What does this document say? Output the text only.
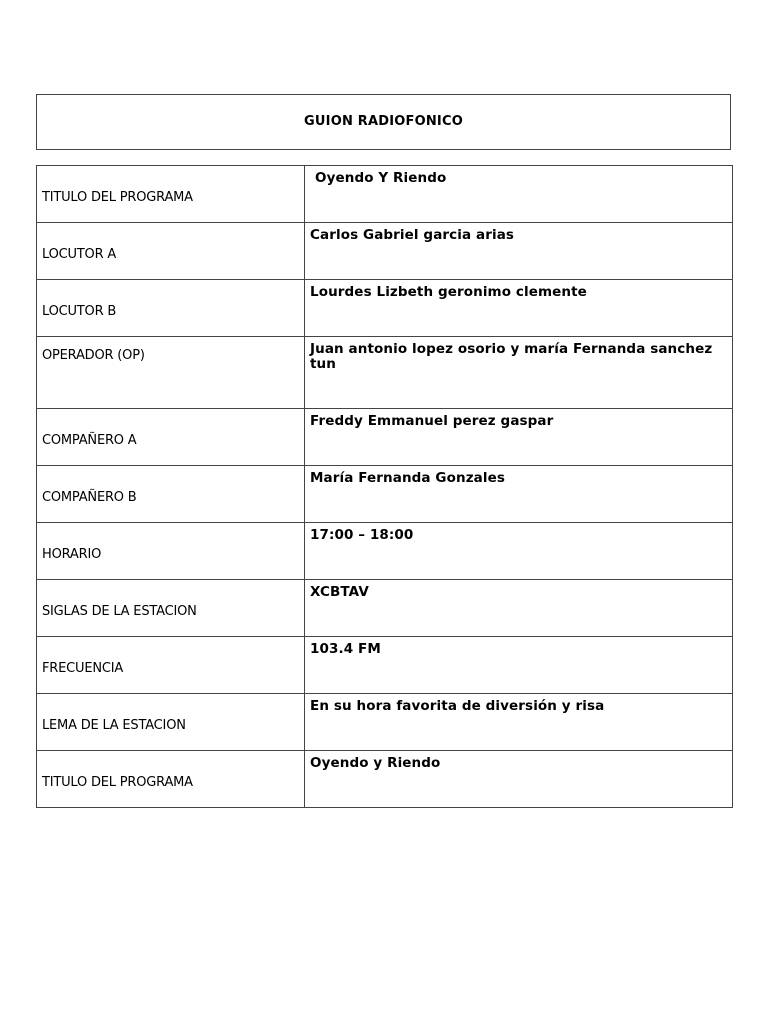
GUION RADIOFONICO
TITULO DEL PROGRAMA	Oyendo Y Riendo

LOCUTOR A	Carlos Gabriel garcia arias

LOCUTOR B	Lourdes Lizbeth geronimo clemente

OPERADOR (OP)	Juan antonio lopez osorio y maría Fernanda sanchez tun

COMPAÑERO A	Freddy Emmanuel perez gaspar

COMPAÑERO B	María Fernanda Gonzales

HORARIO	17:00 – 18:00

SIGLAS DE LA ESTACION	XCBTAV

FRECUENCIA	103.4 FM

LEMA DE LA ESTACION	En su hora favorita de diversión y risa

TITULO DEL PROGRAMA	Oyendo y Riendo
